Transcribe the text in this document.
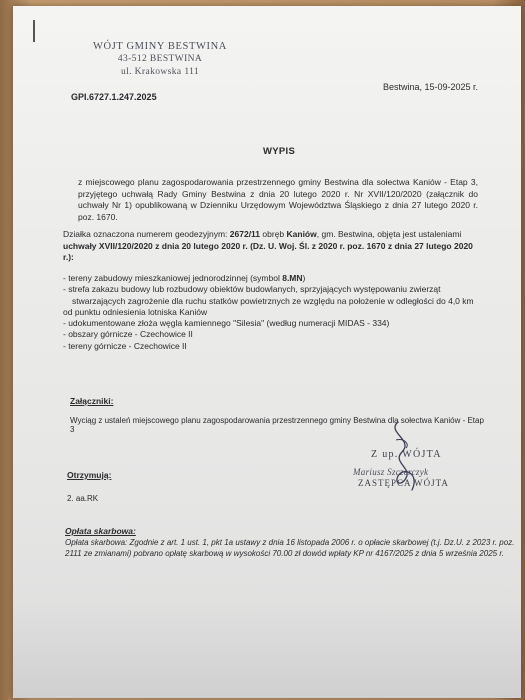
WÓJT GMINY BESTWINA
43-512 BESTWINA
ul. Krakowska 111
GPI.6727.1.247.2025
Bestwina, 15-09-2025 r.
WYPIS
z miejscowego planu zagospodarowania przestrzennego gminy Bestwina dla sołectwa Kaniów - Etap 3, przyjętego uchwałą Rady Gminy Bestwina z dnia 20 lutego 2020 r. Nr XVII/120/2020 (załącznik do uchwały Nr 1) opublikowaną w Dzienniku Urzędowym Województwa Śląskiego z dnia 27 lutego 2020 r. poz. 1670.
Działka oznaczona numerem geodezyjnym: 2672/11 obręb Kaniów, gm. Bestwina, objęta jest ustaleniami uchwały XVII/120/2020 z dnia 20 lutego 2020 r. (Dz. U. Woj. Śl. z 2020 r. poz. 1670 z dnia 27 lutego 2020 r.):
- tereny zabudowy mieszkaniowej jednorodzinnej (symbol 8.MN)
- strefa zakazu budowy lub rozbudowy obiektów budowlanych, sprzyjających występowaniu zwierząt
stwarzających zagrożenie dla ruchu statków powietrznych ze względu na położenie w odległości do 4,0 km
od punktu odniesienia lotniska Kaniów
- udokumentowane złoża węgla kamiennego "Silesia" (według numeracji MIDAS - 334)
- obszary górnicze - Czechowice II
- tereny górnicze - Czechowice II
Załączniki:
Wyciąg z ustaleń miejscowego planu zagospodarowania przestrzennego gminy Bestwina dla sołectwa Kaniów - Etap 3
Z up. WÓJTA
Mariusz Szczerczyk
ZASTĘPCA WÓJTA
Otrzymują:
2. aa.RK
Opłata skarbowa:
Opłata skarbowa: Zgodnie z art. 1 ust. 1, pkt 1a ustawy z dnia 16 listopada 2006 r. o opłacie skarbowej (t.j. Dz.U. z 2023 r. poz. 2111 ze zmianami) pobrano opłatę skarbową w wysokości 70.00 zł dowód wpłaty KP nr 4167/2025 z dnia 5 września 2025 r.
